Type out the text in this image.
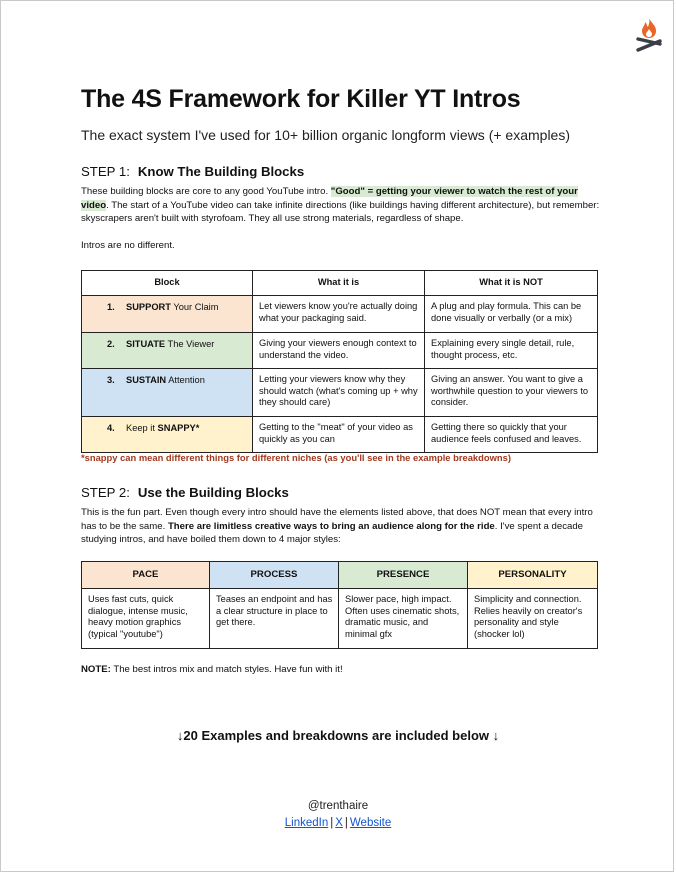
The 4S Framework for Killer YT Intros

The exact system I've used for 10+ billion organic longform views (+ examples)

STEP 1: Know The Building Blocks

These building blocks are core to any good YouTube intro. "Good" = getting your viewer to watch the rest of your video. The start of a YouTube video can take infinite directions (like buildings having different architecture), but remember: skyscrapers aren't built with styrofoam. They all use strong materials, regardless of shape.

Intros are no different.

Block	What it is	What it is NOT
1. SUPPORT Your Claim	Let viewers know you're actually doing what your packaging said.	A plug and play formula. This can be done visually or verbally (or a mix)
2. SITUATE The Viewer	Giving your viewers enough context to understand the video.	Explaining every single detail, rule, thought process, etc.
3. SUSTAIN Attention	Letting your viewers know why they should watch (what's coming up + why they should care)	Giving an answer. You want to give a worthwhile question to your viewers to consider.
4. Keep it SNAPPY*	Getting to the "meat" of your video as quickly as you can	Getting there so quickly that your audience feels confused and leaves.

*snappy can mean different things for different niches (as you'll see in the example breakdowns)

STEP 2: Use the Building Blocks

This is the fun part. Even though every intro should have the elements listed above, that does NOT mean that every intro has to be the same. There are limitless creative ways to bring an audience along for the ride. I've spent a decade studying intros, and have boiled them down to 4 major styles:

PACE	PROCESS	PRESENCE	PERSONALITY
Uses fast cuts, quick dialogue, intense music, heavy motion graphics (typical "youtube")	Teases an endpoint and has a clear structure in place to get there.	Slower pace, high impact. Often uses cinematic shots, dramatic music, and minimal gfx	Simplicity and connection. Relies heavily on creator's personality and style (shocker lol)

NOTE: The best intros mix and match styles. Have fun with it!

↓20 Examples and breakdowns are included below ↓

@trenthaire

LinkedIn | X | Website
